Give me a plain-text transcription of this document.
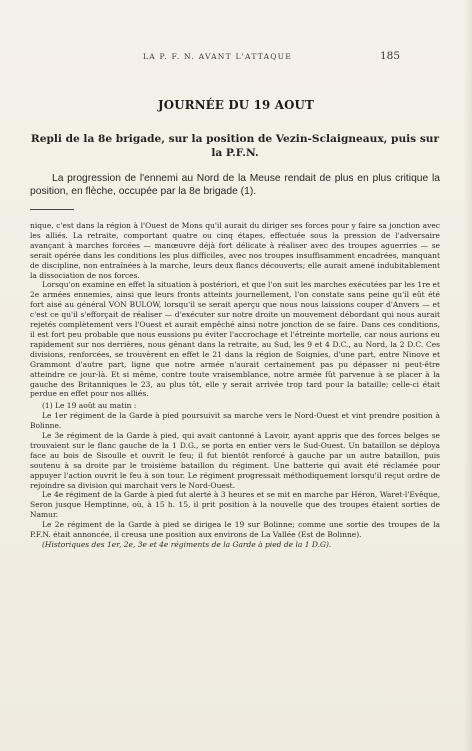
LA P. F. N. AVANT L'ATTAQUE	185
JOURNÉE DU 19 AOUT
Repli de la 8e brigade, sur la position de Vezin-Sclaigneaux, puis sur la P.F.N.
La progression de l'ennemi au Nord de la Meuse rendait de plus en plus critique la position, en flèche, occupée par la 8e brigade (1).

nique, c'est dans la région à l'Ouest de Mons qu'il aurait du diriger ses forces pour y faire sa jonction avec les alliés. La retraite, comportant quatre ou cinq étapes, effectuée sous la pression de l'adversaire avançant à marches forcées — manœuvre déjà fort délicate à réaliser avec des troupes aguerries — se serait opérée dans les conditions les plus difficiles, avec nos troupes insuffisamment encadrées, manquant de discipline, non entraînées à la marche, leurs deux flancs découverts; elle aurait amené indubitablement la dissociation de nos forces.

Lorsqu'on examine en effet la situation à postériori, et que l'on suit les marches exécutées par les 1re et 2e armées ennemies, ainsi que leurs fronts atteints journellement, l'on constate sans peine qu'il eût été fort aisé au général VON BULOW, lorsqu'il se serait aperçu que nous nous laissions couper d'Anvers — et c'est ce qu'il s'efforçait de réaliser — d'exécuter sur notre droite un mouvement débordant qui nous aurait rejetés complètement vers l'Ouest et aurait empêché ainsi notre jonction de se faire. Dans ces conditions, il est fort peu probable que nous eussions pu éviter l'accrochage et l'étreinte mortelle, car nous aurions eu rapidement sur nos derrières, nous gênant dans la retraite, au Sud, les 9 et 4 D.C., au Nord, la 2 D.C. Ces divisions, renforcées, se trouvèrent en effet le 21 dans la région de Soignies, d'une part, entre Ninove et Grammont d'autre part, ligne que notre armée n'aurait certainement pas pu dépasser ni peut-être atteindre ce jour-là. Et si même, contre toute vraisemblance, notre armée fût parvenue à se placer à la gauche des Britanniques le 23, au plus tôt, elle y serait arrivée trop tard pour la bataille; celle-ci était perdue en effet pour nos alliés.

(1) Le 19 août au matin :

Le 1er régiment de la Garde à pied poursuivit sa marche vers le Nord-Ouest et vint prendre position à Bolinne.

Le 3e régiment de la Garde à pied, qui avait cantonné à Lavoir, ayant appris que des forces belges se trouvaient sur le flanc gauche de la 1 D.G., se porta en entier vers le Sud-Ouest. Un bataillon se déploya face au bois de Sisoulle et ouvrit le feu; il fut bientôt renforcé à gauche par un autre bataillon, puis soutenu à sa droite par le troisième bataillon du régiment. Une batterie qui avait été réclamée pour appuyer l'action ouvrit le feu à son tour. Le régiment progressait méthodiquement lorsqu'il reçut ordre de rejoindre sa division qui marchait vers le Nord-Ouest.

Le 4e régiment de la Garde à pied fut alerté à 3 heures et se mit en marche par Héron, Waret-l'Evêque, Seron jusque Hemptinne, où, à 15 h. 15, il prit position à la nouvelle que des troupes étaient sorties de Namur.

Le 2e régiment de la Garde à pied se dirigea le 19 sur Bolinne; comme une sortie des troupes de la P.F.N. était annoncée, il creusa une position aux environs de La Vallée (Est de Bolinne).

(Historiques des 1er, 2e, 3e et 4e régiments de la Garde à pied de la 1 D.G).
